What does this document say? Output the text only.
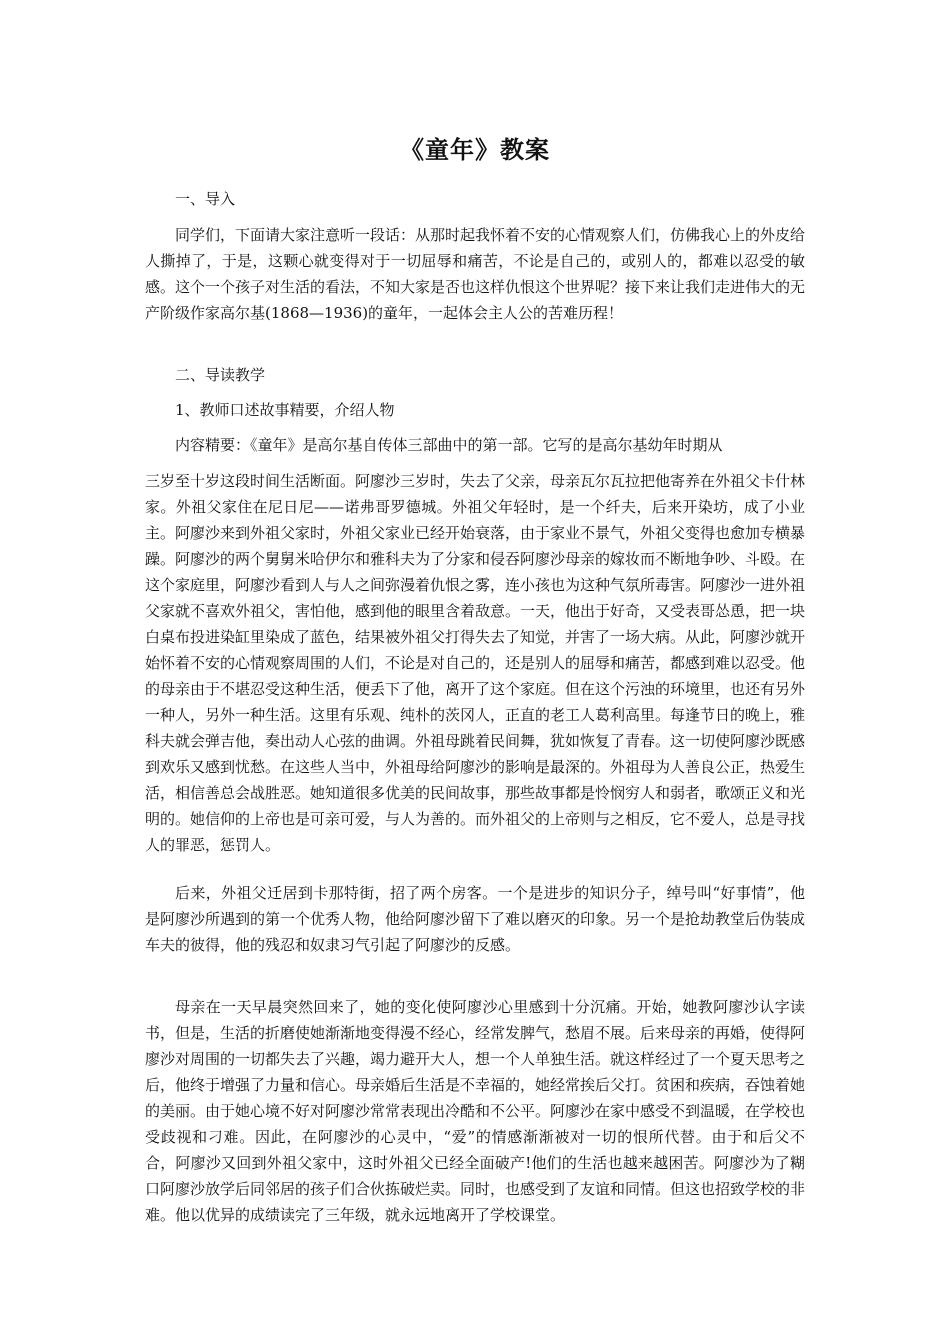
《童年》教案
一、导入

同学们，下面请大家注意听一段话：从那时起我怀着不安的心情观察人们，仿佛我心上的外皮给人撕掉了，于是，这颗心就变得对于一切屈辱和痛苦，不论是自己的，或别人的，都难以忍受的敏感。这个一个孩子对生活的看法，不知大家是否也这样仇恨这个世界呢？接下来让我们走进伟大的无产阶级作家高尔基(1868—1936)的童年，一起体会主人公的苦难历程！

二、导读教学
1、教师口述故事精要，介绍人物

内容精要：《童年》是高尔基自传体三部曲中的第一部。它写的是高尔基幼年时期从

三岁至十岁这段时间生活断面。阿廖沙三岁时，失去了父亲，母亲瓦尔瓦拉把他寄养在外祖父卡什林家。外祖父家住在尼日尼——诺弗哥罗德城。外祖父年轻时，是一个纤夫，后来开染坊，成了小业主。阿廖沙来到外祖父家时，外祖父家业已经开始衰落，由于家业不景气，外祖父变得也愈加专横暴躁。阿廖沙的两个舅舅米哈伊尔和雅科夫为了分家和侵吞阿廖沙母亲的嫁妆而不断地争吵、斗殴。在这个家庭里，阿廖沙看到人与人之间弥漫着仇恨之雾，连小孩也为这种气氛所毒害。阿廖沙一进外祖父家就不喜欢外祖父，害怕他，感到他的眼里含着敌意。一天，他出于好奇，又受表哥怂恿，把一块白桌布投进染缸里染成了蓝色，结果被外祖父打得失去了知觉，并害了一场大病。从此，阿廖沙就开始怀着不安的心情观察周围的人们，不论是对自己的，还是别人的屈辱和痛苦，都感到难以忍受。他的母亲由于不堪忍受这种生活，便丢下了他，离开了这个家庭。但在这个污浊的环境里，也还有另外一种人，另外一种生活。这里有乐观、纯朴的茨冈人，正直的老工人葛利高里。每逢节日的晚上，雅科夫就会弹吉他，奏出动人心弦的曲调。外祖母跳着民间舞，犹如恢复了青春。这一切使阿廖沙既感到欢乐又感到忧愁。在这些人当中，外祖母给阿廖沙的影响是最深的。外祖母为人善良公正，热爱生活，相信善总会战胜恶。她知道很多优美的民间故事，那些故事都是怜悯穷人和弱者，歌颂正义和光明的。她信仰的上帝也是可亲可爱，与人为善的。而外祖父的上帝则与之相反，它不爱人，总是寻找人的罪恶，惩罚人。

后来，外祖父迁居到卡那特街，招了两个房客。一个是进步的知识分子，绰号叫“好事情”，他是阿廖沙所遇到的第一个优秀人物，他给阿廖沙留下了难以磨灭的印象。另一个是抢劫教堂后伪装成车夫的彼得，他的残忍和奴隶习气引起了阿廖沙的反感。

母亲在一天早晨突然回来了，她的变化使阿廖沙心里感到十分沉痛。开始，她教阿廖沙认字读书，但是，生活的折磨使她渐渐地变得漫不经心，经常发脾气，愁眉不展。后来母亲的再婚，使得阿廖沙对周围的一切都失去了兴趣，竭力避开大人，想一个人单独生活。就这样经过了一个夏天思考之后，他终于增强了力量和信心。母亲婚后生活是不幸福的，她经常挨后父打。贫困和疾病，吞蚀着她的美丽。由于她心境不好对阿廖沙常常表现出冷酷和不公平。阿廖沙在家中感受不到温暖，在学校也受歧视和刁难。因此，在阿廖沙的心灵中，“爱”的情感渐渐被对一切的恨所代替。由于和后父不合，阿廖沙又回到外祖父家中，这时外祖父已经全面破产!他们的生活也越来越困苦。阿廖沙为了糊口阿廖沙放学后同邻居的孩子们合伙拣破烂卖。同时，也感受到了友谊和同情。但这也招致学校的非难。他以优异的成绩读完了三年级，就永远地离开了学校课堂。
